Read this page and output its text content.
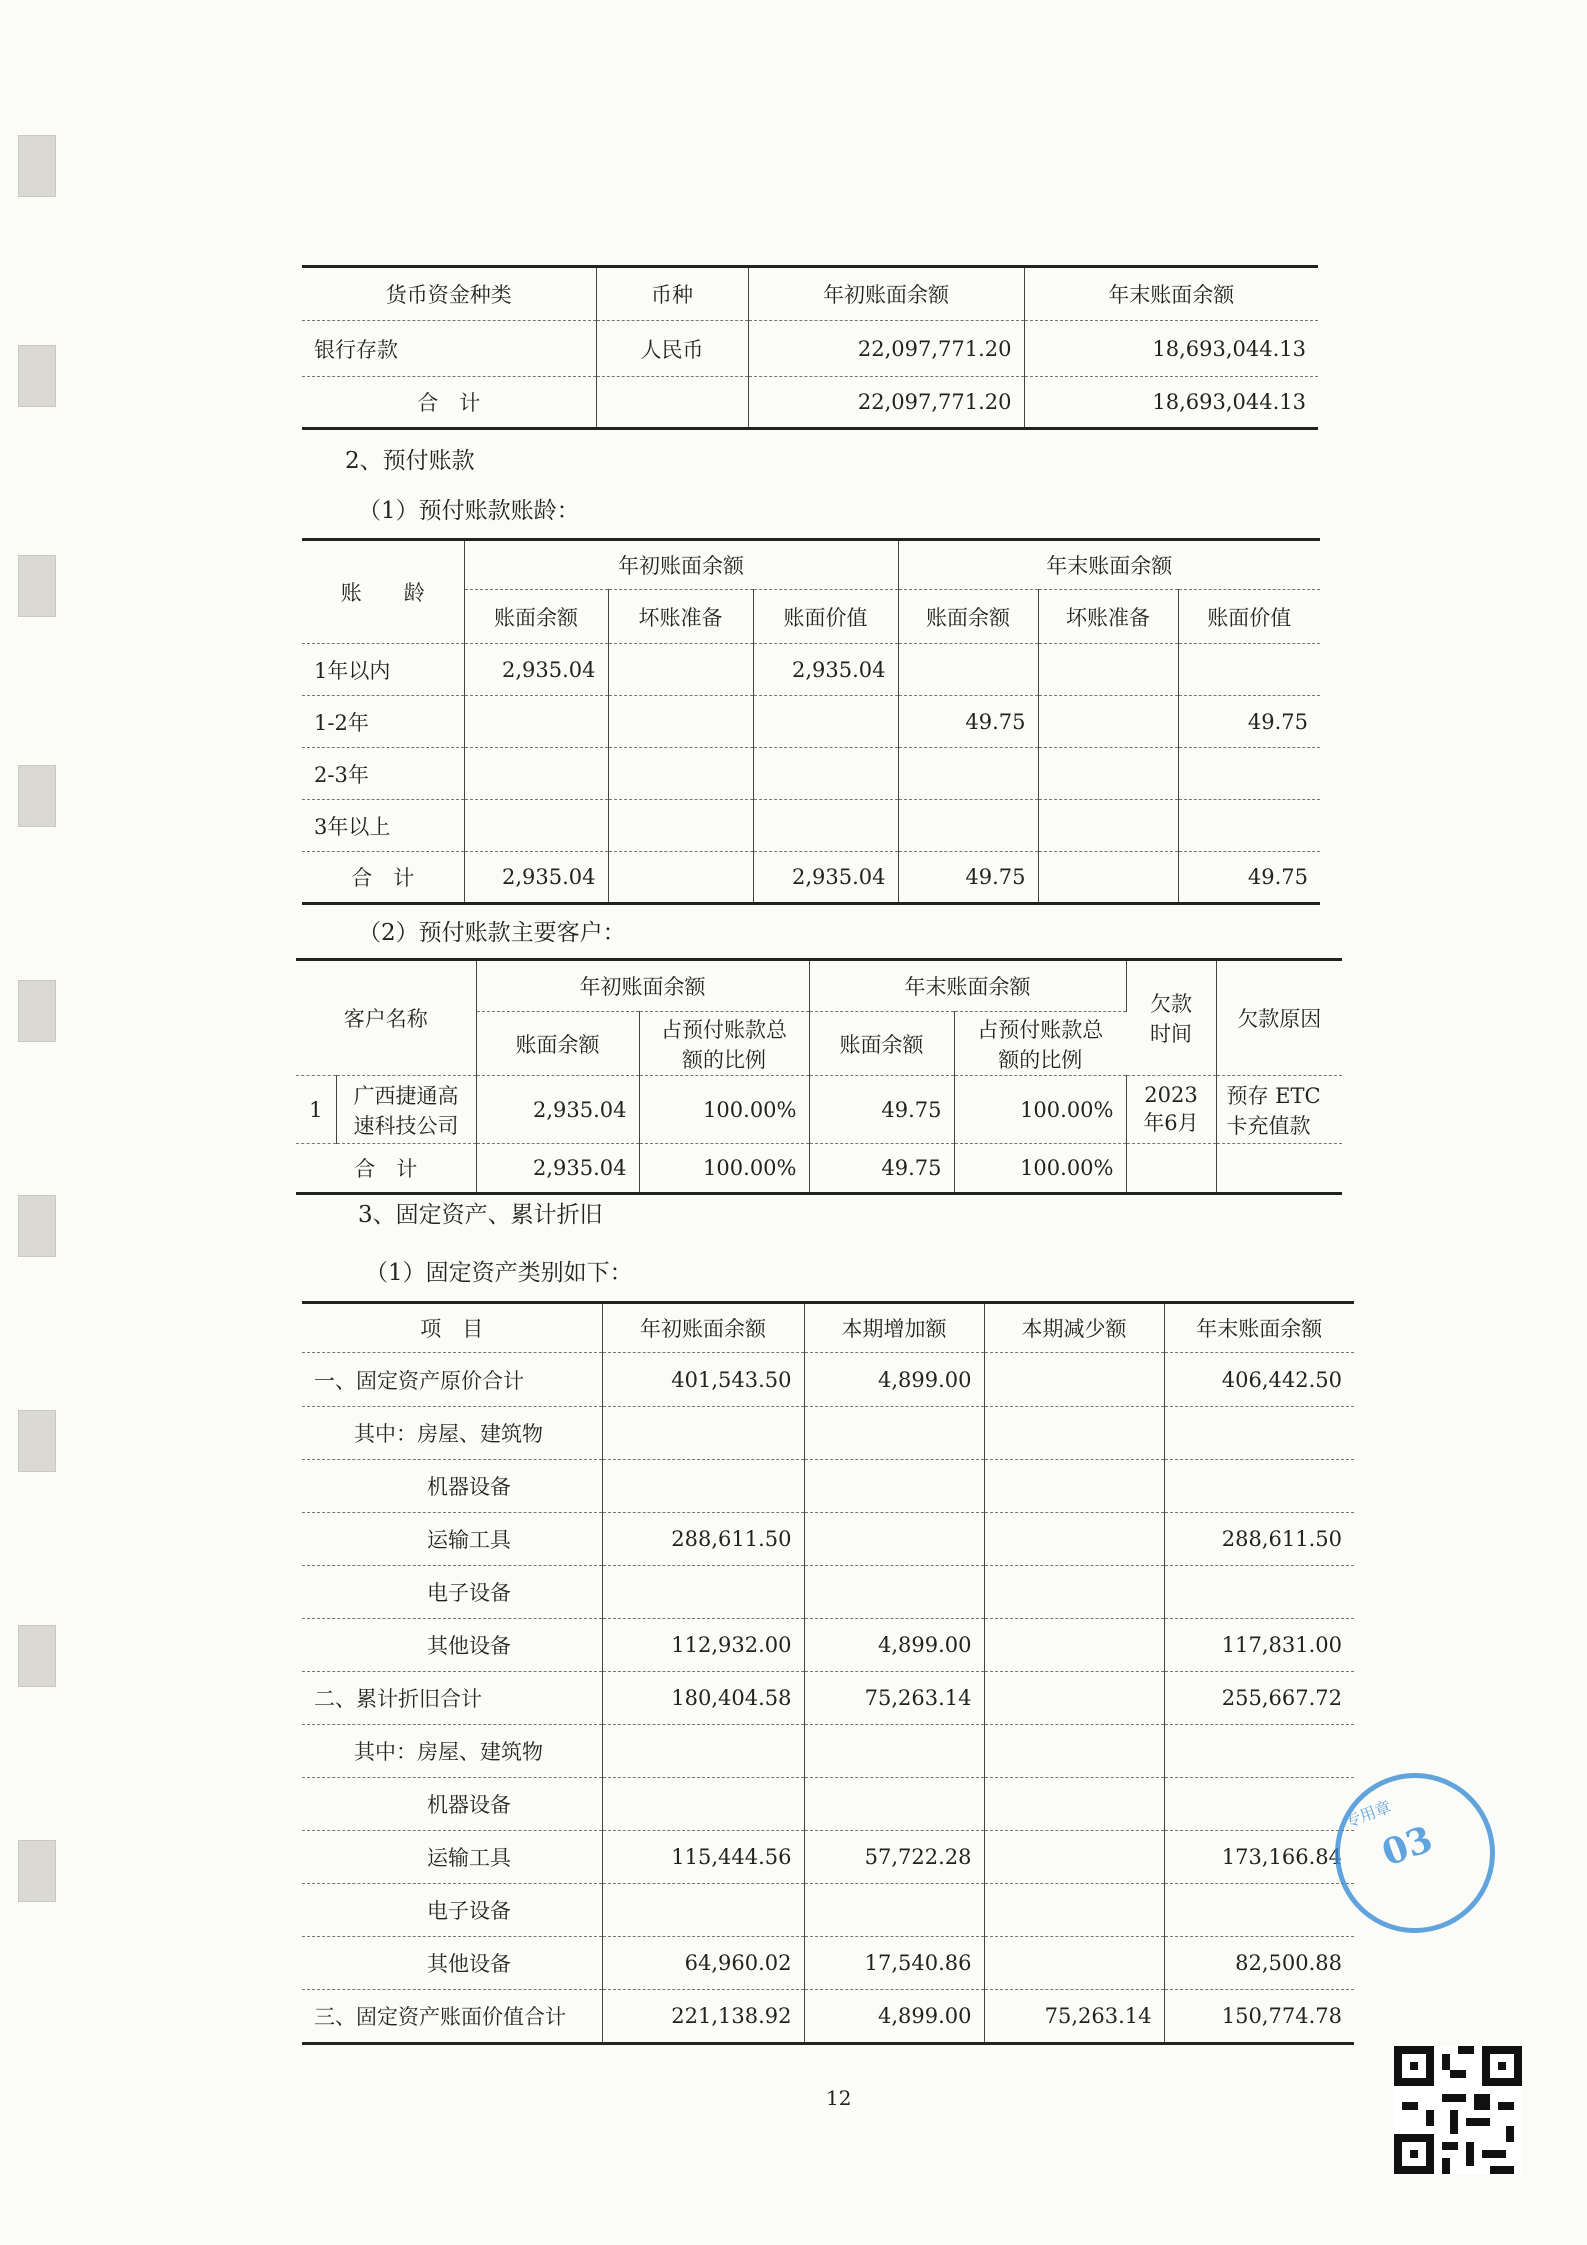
货币资金种类	币种	年初账面余额	年末账面余额
银行存款	人民币	22,097,771.20	18,693,044.13
合　计		22,097,771.20	18,693,044.13
2、预付账款
（1）预付账款账龄：
账　　龄	年初账面余额			年末账面余额		
	账面余额	坏账准备	账面价值	账面余额	坏账准备	账面价值
1年以内	2,935.04		2,935.04			
1-2年				49.75		49.75
2-3年						
3年以上						
合　计	2,935.04		2,935.04	49.75		49.75
（2）预付账款主要客户：
客户名称		年初账面余额		年末账面余额		欠款时间	欠款原因
		账面余额	占预付账款总额的比例	账面余额	占预付账款总额的比例		
1	广西捷通高速科技公司	2,935.04	100.00%	49.75	100.00%	2023年6月	预存 ETC 卡充值款
合　计		2,935.04	100.00%	49.75	100.00%		
3、固定资产、累计折旧
（1）固定资产类别如下：
项　目	年初账面余额	本期增加额	本期减少额	年末账面余额
一、固定资产原价合计	401,543.50	4,899.00		406,442.50
其中：房屋、建筑物				
机器设备				
运输工具	288,611.50			288,611.50
电子设备				
其他设备	112,932.00	4,899.00		117,831.00
二、累计折旧合计	180,404.58	75,263.14		255,667.72
其中：房屋、建筑物				
机器设备				
运输工具	115,444.56	57,722.28		173,166.84
电子设备				
其他设备	64,960.02	17,540.86		82,500.88
三、固定资产账面价值合计	221,138.92	4,899.00	75,263.14	150,774.78
专用章
03
12
